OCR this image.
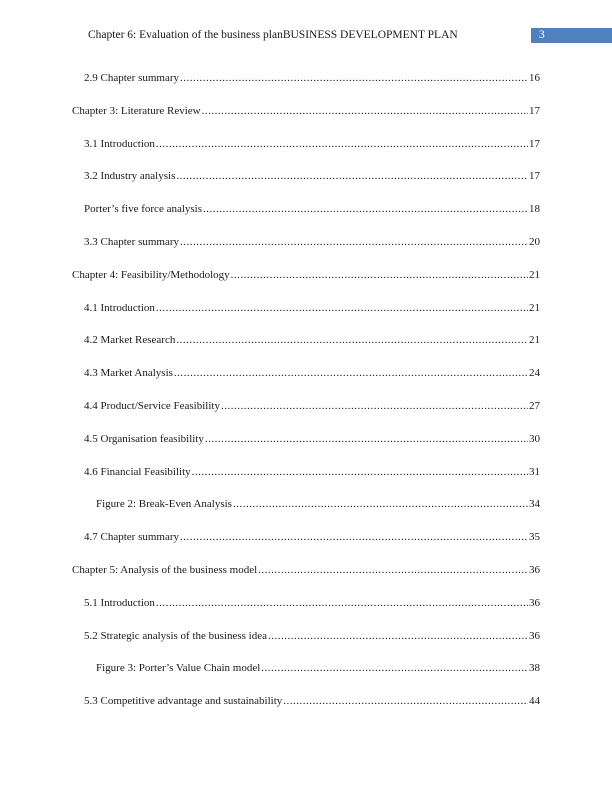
Chapter 6: Evaluation of the business planBUSINESS DEVELOPMENT PLAN	3
2.9 Chapter summary .....	16
Chapter 3: Literature Review .....	17
3.1 Introduction .....	17
3.2 Industry analysis .....	17
Porter’s five force analysis .....	18
3.3 Chapter summary .....	20
Chapter 4: Feasibility/Methodology .....	21
4.1 Introduction .....	21
4.2 Market Research .....	21
4.3 Market Analysis .....	24
4.4 Product/Service Feasibility .....	27
4.5 Organisation feasibility .....	30
4.6 Financial Feasibility .....	31
Figure 2: Break-Even Analysis .....	34
4.7 Chapter summary .....	35
Chapter 5: Analysis of the business model .....	36
5.1 Introduction .....	36
5.2 Strategic analysis of the business idea .....	36
Figure 3: Porter’s Value Chain model .....	38
5.3 Competitive advantage and sustainability .....	44
